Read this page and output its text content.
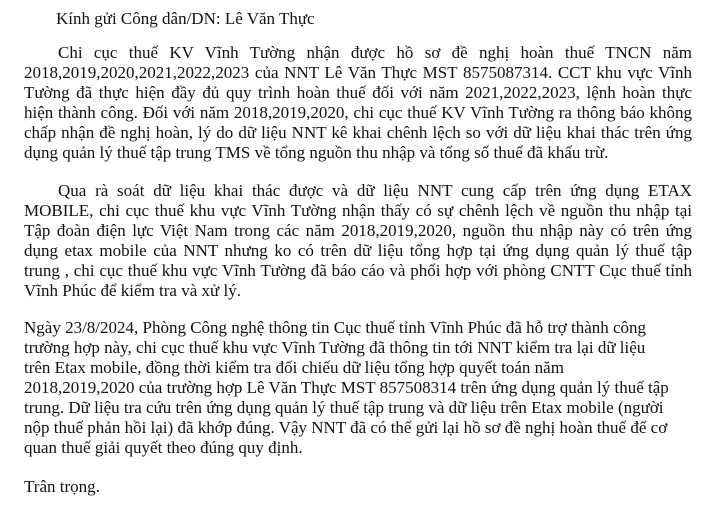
Kính gửi Công dân/DN: Lê Văn Thực
Chi cục thuế KV Vĩnh Tường nhận được hồ sơ đề nghị hoàn thuế TNCN năm
2018,2019,2020,2021,2022,2023 của NNT Lê Văn Thực MST 8575087314. CCT khu vực Vĩnh
Tường đã thực hiện đầy đủ quy trình hoàn thuế đối với năm 2021,2022,2023, lệnh hoàn thực
hiện thành công. Đối với năm 2018,2019,2020, chi cục thuế KV Vĩnh Tường ra thông báo không
chấp nhận đề nghị hoàn, lý do dữ liệu NNT kê khai chênh lệch so với dữ liệu khai thác trên ứng
dụng quản lý thuế tập trung TMS về tổng nguồn thu nhập và tổng số thuế đã khấu trừ.
Qua rà soát dữ liệu khai thác được và dữ liệu NNT cung cấp trên ứng dụng ETAX
MOBILE, chi cục thuế khu vực Vĩnh Tường nhận thấy có sự chênh lệch về nguồn thu nhập tại
Tập đoàn điện lực Việt Nam trong các năm 2018,2019,2020, nguồn thu nhập này có trên ứng
dụng etax mobile của NNT nhưng ko có trên dữ liệu tổng hợp tại ứng dụng quản lý thuế tập
trung , chi cục thuế khu vực Vĩnh Tường đã báo cáo và phối hợp với phòng CNTT Cục thuế tỉnh
Vĩnh Phúc để kiểm tra và xử lý.
Ngày 23/8/2024, Phòng Công nghệ thông tin Cục thuế tỉnh Vĩnh Phúc đã hỗ trợ thành công
trường hợp này, chi cục thuế khu vực Vĩnh Tường đã thông tin tới NNT kiểm tra lại dữ liệu
trên Etax mobile, đồng thời kiểm tra đối chiếu dữ liệu tổng hợp quyết toán năm
2018,2019,2020 của trường hợp Lê Văn Thực MST 857508314 trên ứng dụng quản lý thuế tập
trung. Dữ liệu tra cứu trên ứng dụng quản lý thuế tập trung và dữ liệu trên Etax mobile (người
nộp thuế phản hồi lại) đã khớp đúng. Vậy NNT đã có thể gửi lại hồ sơ đề nghị hoàn thuế để cơ
quan thuế giải quyết theo đúng quy định.
Trân trọng.
